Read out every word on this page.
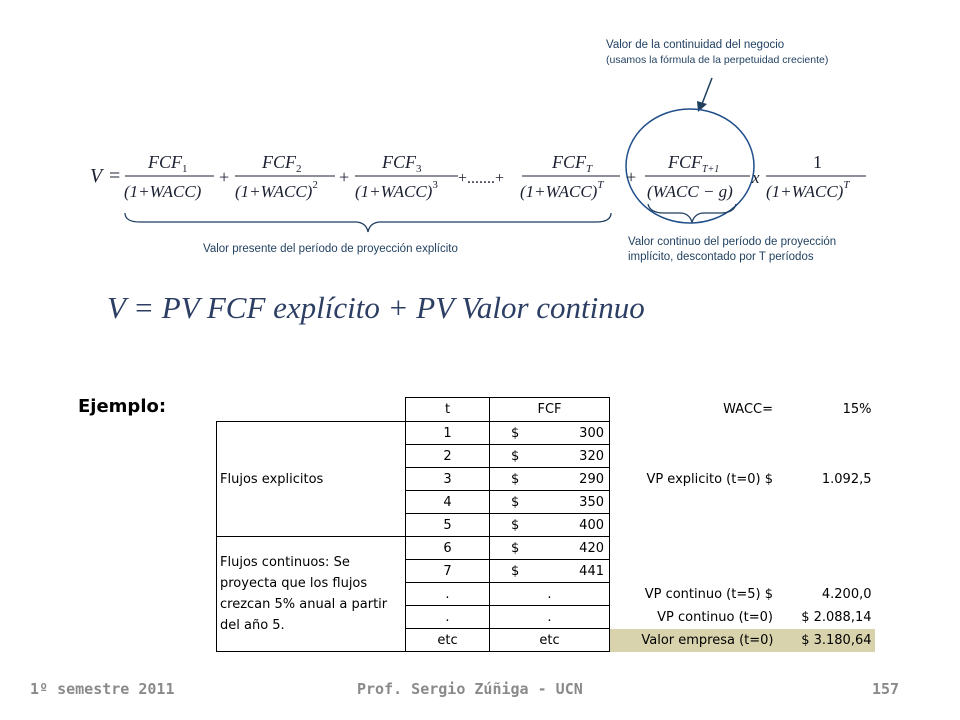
Valor de la continuidad del negocio
(usamos la fórmula de la perpetuidad creciente)
Valor presente del período de proyección explícito
Valor continuo del período de proyección
implícito, descontado por T períodos
V =
$FCF_1$
(1+WACC)
+
$FCF_2$
(1+WACC)$^2$ +
$FCF_3$
(1+WACC)$^3$ +.......+
$FCF_T$
(1+WACC)$^T$ +
$FCF_{T+1}$
(WACC − g)
x
1
(1+WACC)$^T$
V = PV FCF explícito + PV Valor continuo
Ejemplo:
		t	FCF	WACC=	15%
Flujos explicitos	1	$ 300		

	2	$ 320		

	3	$ 290	VP explicito (t=0) $	1.092,5
	4	$ 350		

	5	$ 400		

Flujos continuos: Se proyecta que los flujos crezcan 5% anual a partir del año 5.	6	$ 420		

	7	$ 441		

	.	.	VP continuo (t=5) $	4.200,0
	.	.	VP continuo (t=0)	$ 2.088,14
	etc	etc	Valor empresa (t=0)	$ 3.180,64
1º semestre 2011	Prof. Sergio Zúñiga - UCN	157
